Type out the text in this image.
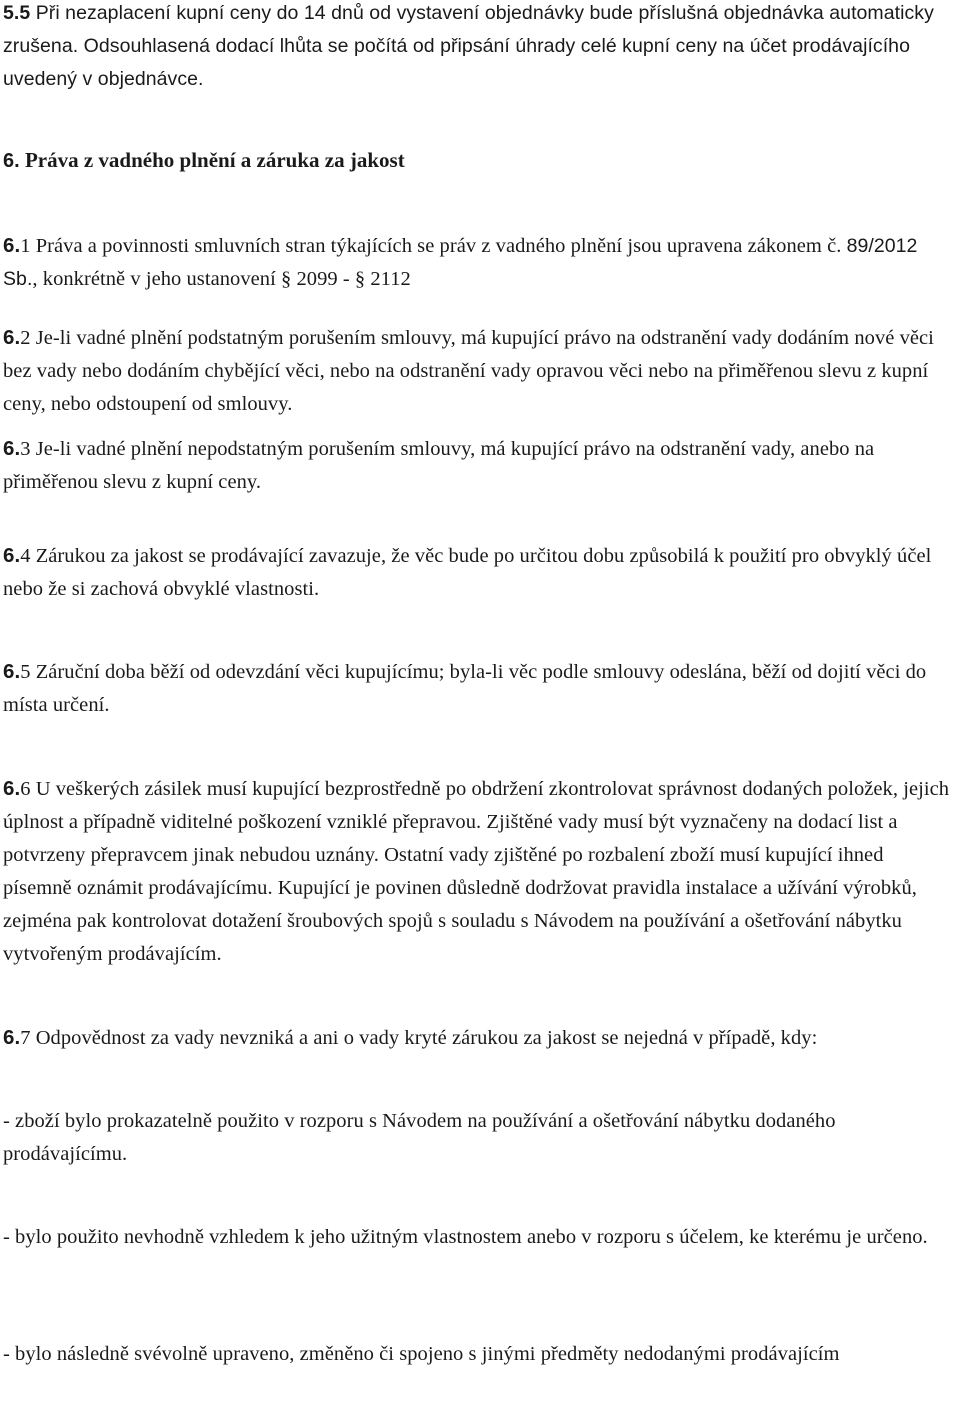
5.5 Při nezaplacení kupní ceny do 14 dnů od vystavení objednávky bude příslušná objednávka automaticky zrušena. Odsouhlasená dodací lhůta se počítá od připsání úhrady celé kupní ceny na účet prodávajícího uvedený v objednávce.

6. Práva z vadného plnění a záruka za jakost

6.1 Práva a povinnosti smluvních stran týkajících se práv z vadného plnění jsou upravena zákonem č. 89/2012 Sb., konkrétně v jeho ustanovení § 2099 - § 2112

6.2 Je-li vadné plnění podstatným porušením smlouvy, má kupující právo na odstranění vady dodáním nové věci bez vady nebo dodáním chybějící věci, nebo na odstranění vady opravou věci nebo na přiměřenou slevu z kupní ceny, nebo odstoupení od smlouvy.

6.3 Je-li vadné plnění nepodstatným porušením smlouvy, má kupující právo na odstranění vady, anebo na přiměřenou slevu z kupní ceny.

6.4 Zárukou za jakost se prodávající zavazuje, že věc bude po určitou dobu způsobilá k použití pro obvyklý účel nebo že si zachová obvyklé vlastnosti.

6.5 Záruční doba běží od odevzdání věci kupujícímu; byla-li věc podle smlouvy odeslána, běží od dojití věci do místa určení.

6.6 U veškerých zásilek musí kupující bezprostředně po obdržení zkontrolovat správnost dodaných položek, jejich úplnost a případně viditelné poškození vzniklé přepravou. Zjištěné vady musí být vyznačeny na dodací list a potvrzeny přepravcem jinak nebudou uznány. Ostatní vady zjištěné po rozbalení zboží musí kupující ihned písemně oznámit prodávajícímu. Kupující je povinen důsledně dodržovat pravidla instalace a užívání výrobků, zejména pak kontrolovat dotažení šroubových spojů s souladu s Návodem na používání a ošetřování nábytku vytvořeným prodávajícím.

6.7 Odpovědnost za vady nevzniká a ani o vady kryté zárukou za jakost se nejedná v případě, kdy:

- zboží bylo prokazatelně použito v rozporu s Návodem na používání a ošetřování nábytku dodaného prodávajícímu.

- bylo použito nevhodně vzhledem k jeho užitným vlastnostem anebo v rozporu s účelem, ke kterému je určeno.

- bylo následně svévolně upraveno, změněno či spojeno s jinými předměty nedodanými prodávajícím
